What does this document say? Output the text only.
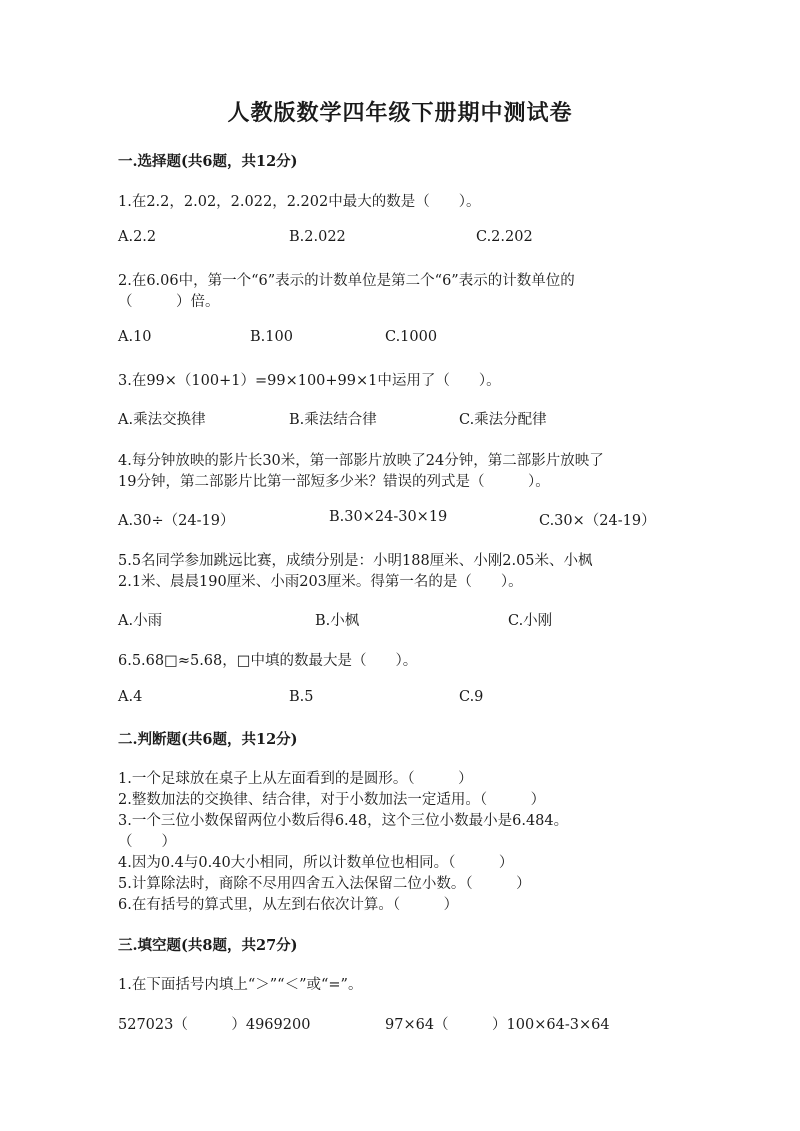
人教版数学四年级下册期中测试卷
一.选择题(共6题，共12分)
1.在2.2，2.02，2.022，2.202中最大的数是（　　）。
A.2.2	B.2.022	C.2.202
2.在6.06中，第一个“6”表示的计数单位是第二个“6”表示的计数单位的
（　　　）倍。
A.10	B.100	C.1000
3.在99×（100+1）=99×100+99×1中运用了（　　）。
A.乘法交换律	B.乘法结合律	C.乘法分配律
4.每分钟放映的影片长30米，第一部影片放映了24分钟，第二部影片放映了
19分钟，第二部影片比第一部短多少米？错误的列式是（　　　）。
A.30÷（24-19）	B.30×24-30×19	C.30×（24-19）
5.5名同学参加跳远比赛，成绩分别是：小明188厘米、小刚2.05米、小枫
2.1米、晨晨190厘米、小雨203厘米。得第一名的是（　　）。
A.小雨	B.小枫	C.小刚
6.5.68□≈5.68，□中填的数最大是（　　）。
A.4	B.5	C.9
二.判断题(共6题，共12分)
1.一个足球放在桌子上从左面看到的是圆形。（　　　）
2.整数加法的交换律、结合律，对于小数加法一定适用。（　　　）
3.一个三位小数保留两位小数后得6.48，这个三位小数最小是6.484。
（　　）
4.因为0.4与0.40大小相同，所以计数单位也相同。（　　　）
5.计算除法时，商除不尽用四舍五入法保留二位小数。（　　　）
6.在有括号的算式里，从左到右依次计算。（　　　）
三.填空题(共8题，共27分)
1.在下面括号内填上“＞”“＜”或“=”。
527023（　　　）4969200	97×64（　　　）100×64-3×64
